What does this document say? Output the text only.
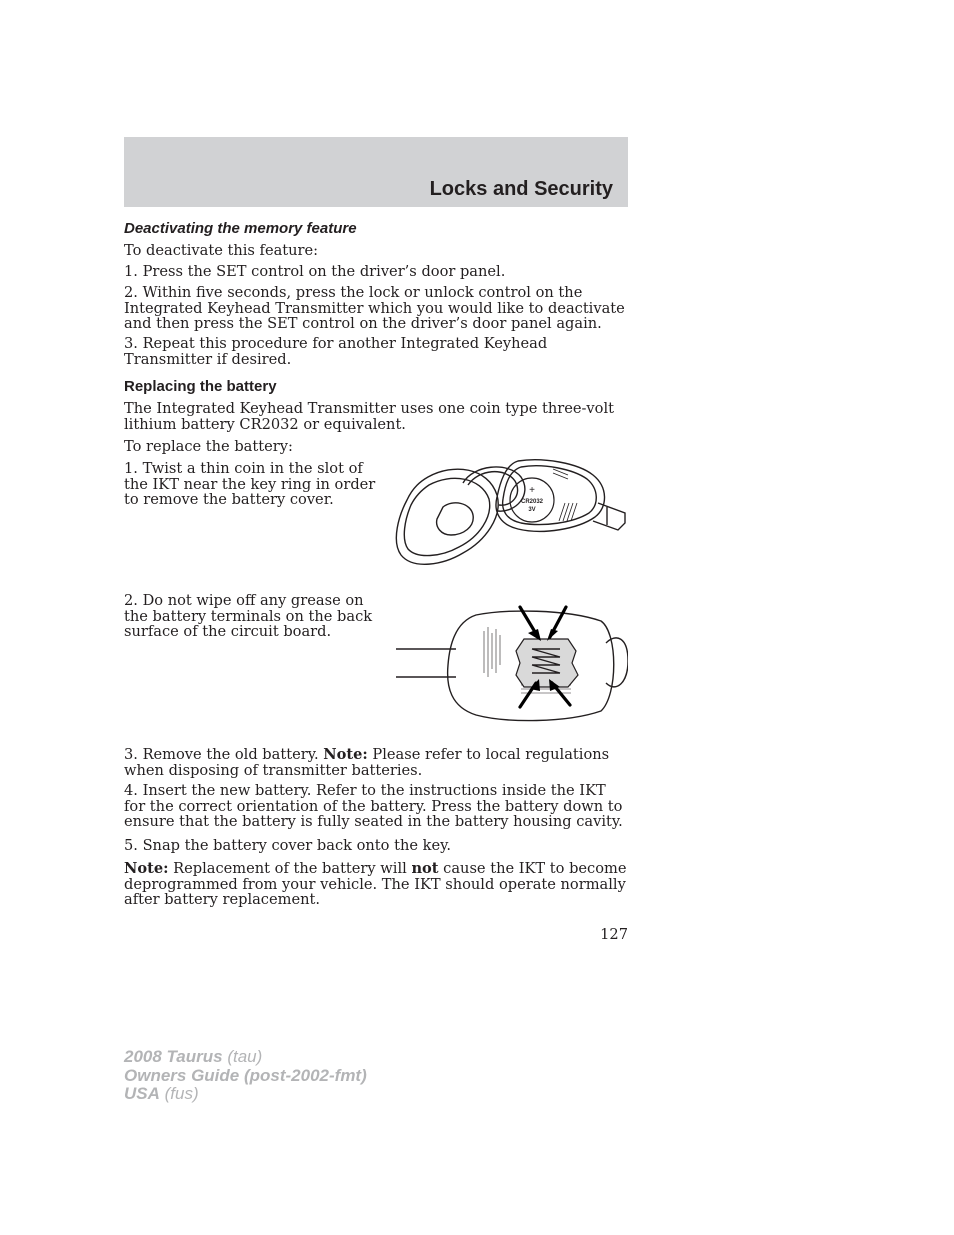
Locks and Security
Deactivating the memory feature
To deactivate this feature:
1. Press the SET control on the driver’s door panel.
2. Within five seconds, press the lock or unlock control on the Integrated Keyhead Transmitter which you would like to deactivate and then press the SET control on the driver’s door panel again.
3. Repeat this procedure for another Integrated Keyhead Transmitter if desired.
Replacing the battery
The Integrated Keyhead Transmitter uses one coin type three-volt lithium battery CR2032 or equivalent.
To replace the battery:
1. Twist a thin coin in the slot of the IKT near the key ring in order to remove the battery cover.
+
CR2032
3V
2. Do not wipe off any grease on the battery terminals on the back surface of the circuit board.
3. Remove the old battery. Note: Please refer to local regulations when disposing of transmitter batteries.
4. Insert the new battery. Refer to the instructions inside the IKT for the correct orientation of the battery. Press the battery down to ensure that the battery is fully seated in the battery housing cavity.
5. Snap the battery cover back onto the key.
Note: Replacement of the battery will not cause the IKT to become deprogrammed from your vehicle. The IKT should operate normally after battery replacement.
127
2008 Taurus (tau)
Owners Guide (post-2002-fmt)
USA (fus)
